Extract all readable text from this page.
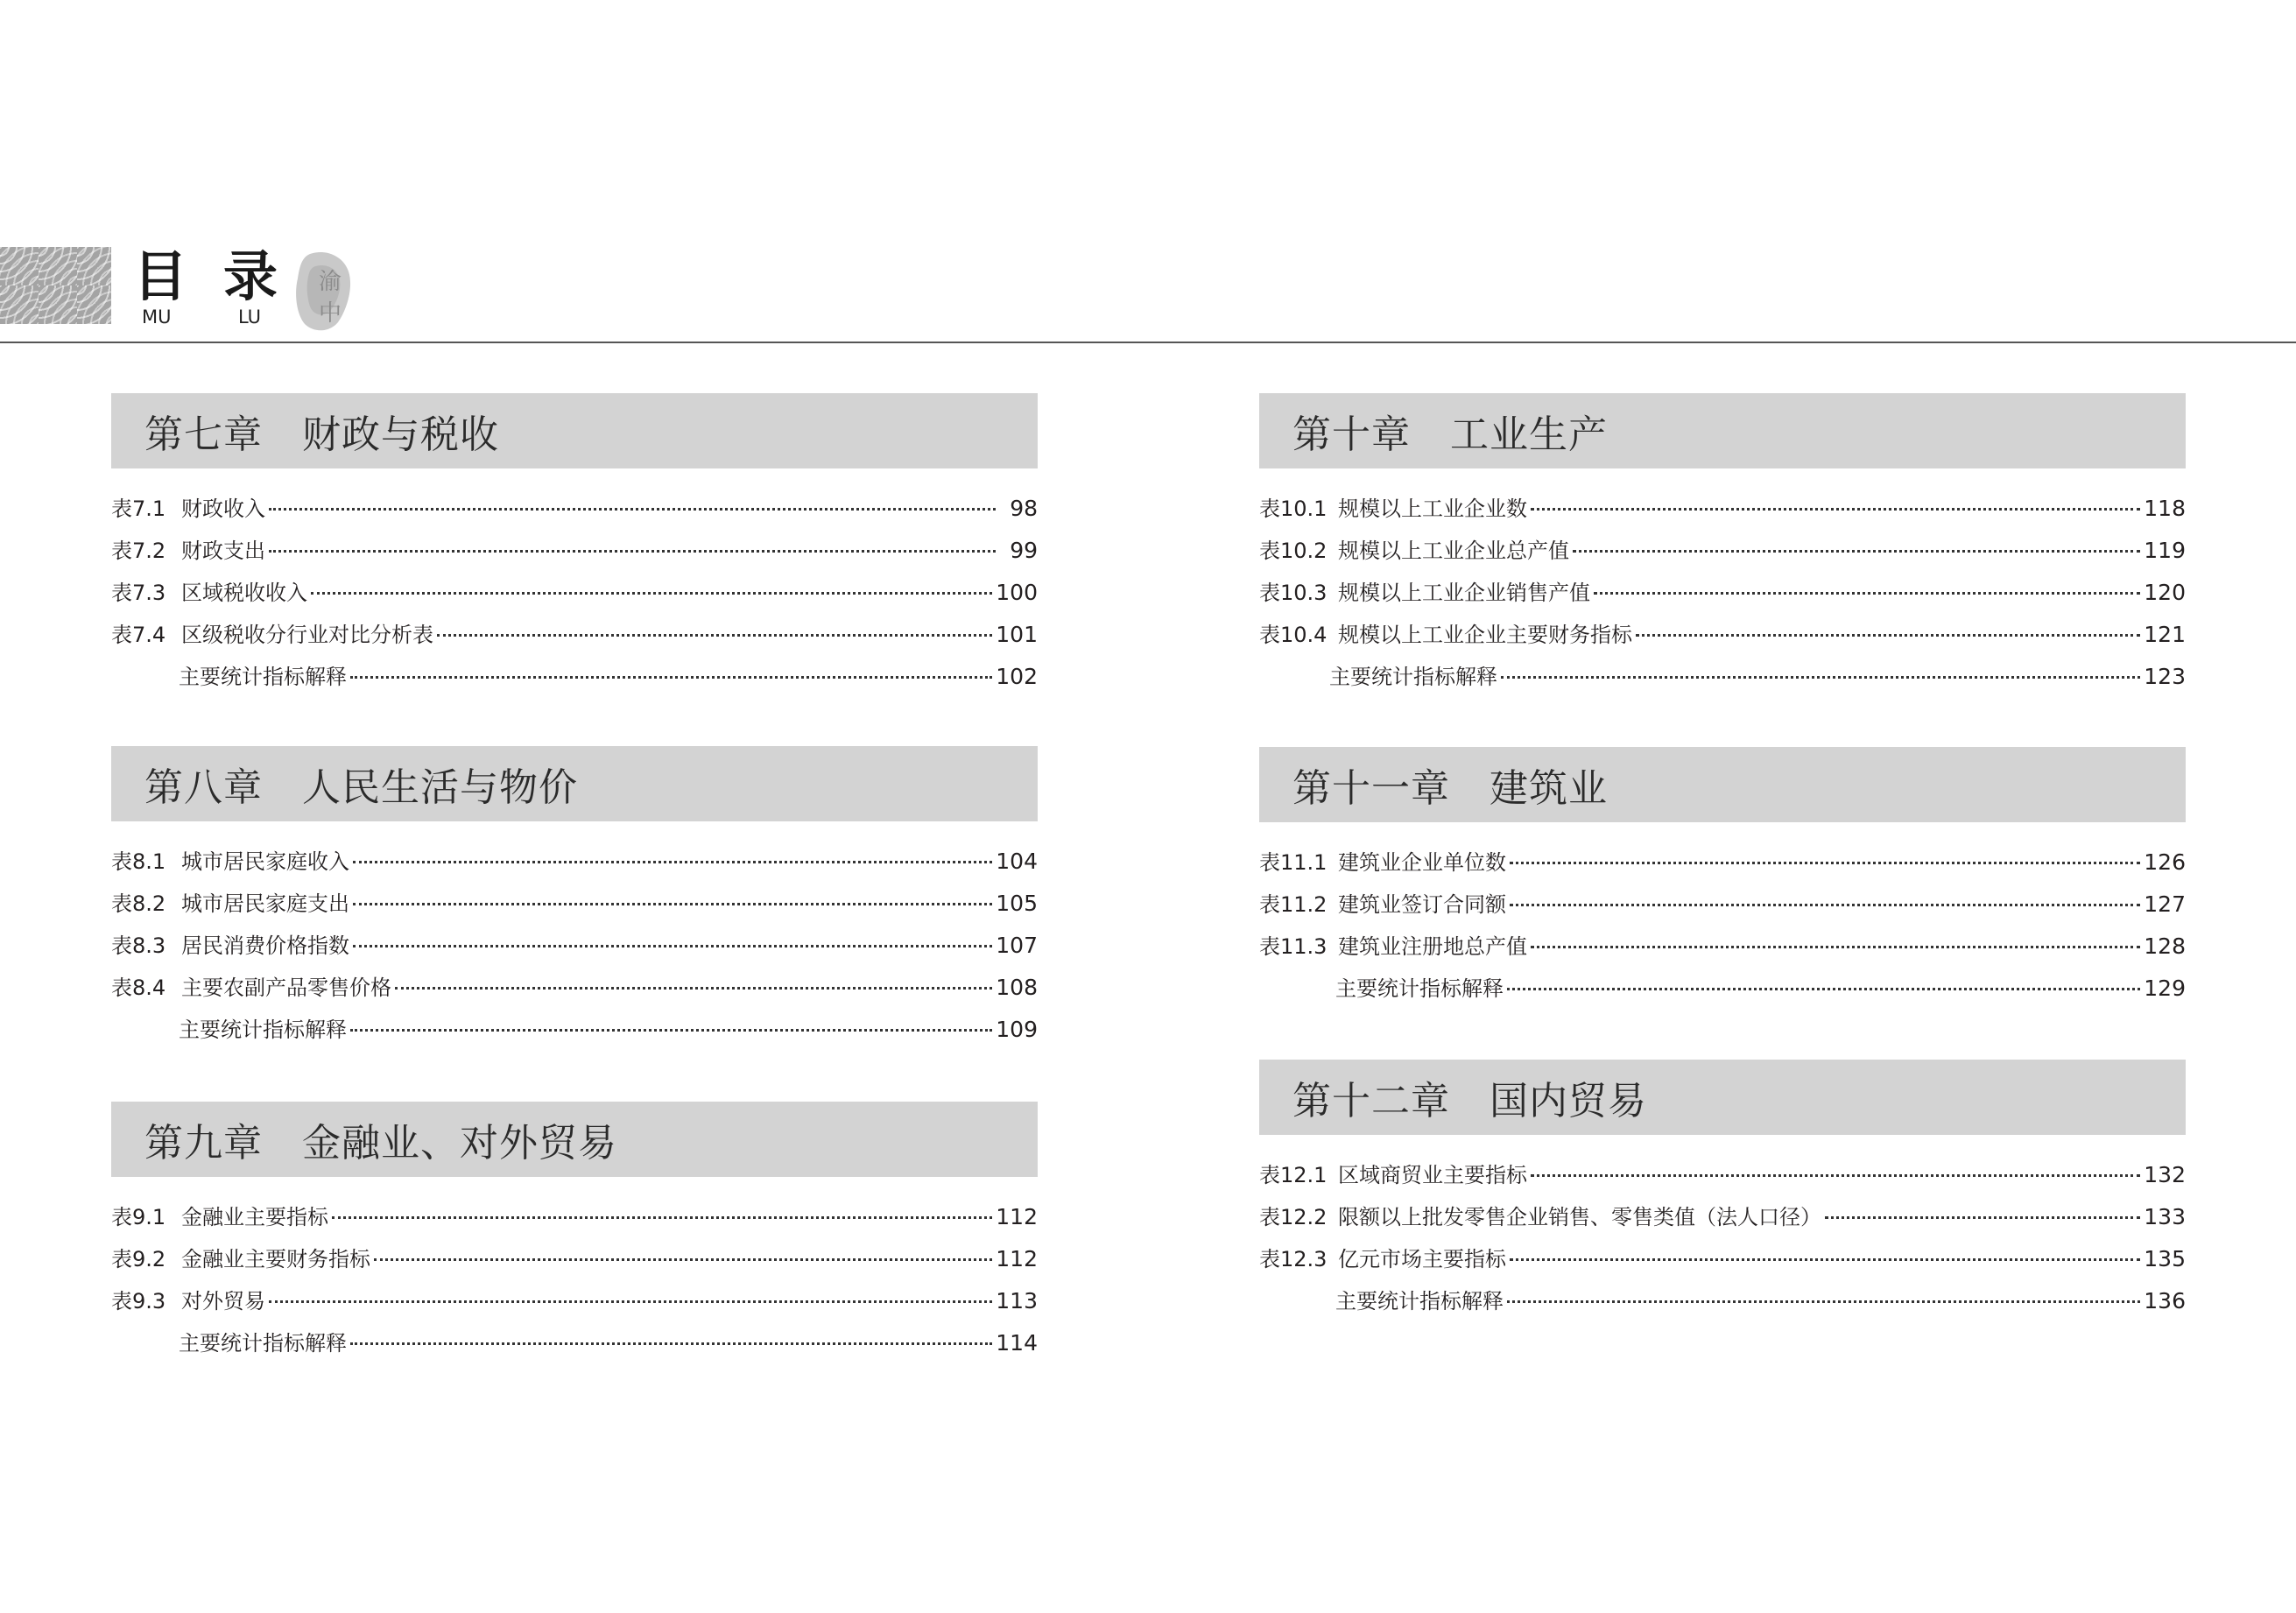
目 录
MU	LU
渝
中
第七章　财政与税收
表7.1 财政收入	98
表7.2 财政支出	99
表7.3 区域税收收入	100
表7.4 区级税收分行业对比分析表	101
主要统计指标解释	102
第八章　人民生活与物价
表8.1 城市居民家庭收入	104
表8.2 城市居民家庭支出	105
表8.3 居民消费价格指数	107
表8.4 主要农副产品零售价格	108
主要统计指标解释	109
第九章　金融业、对外贸易
表9.1 金融业主要指标	112
表9.2 金融业主要财务指标	112
表9.3 对外贸易	113
主要统计指标解释	114
第十章　工业生产
表10.1 规模以上工业企业数	118
表10.2 规模以上工业企业总产值	119
表10.3 规模以上工业企业销售产值	120
表10.4 规模以上工业企业主要财务指标	121
主要统计指标解释	123
第十一章　建筑业
表11.1 建筑业企业单位数	126
表11.2 建筑业签订合同额	127
表11.3 建筑业注册地总产值	128
主要统计指标解释	129
第十二章　国内贸易
表12.1 区域商贸业主要指标	132
表12.2 限额以上批发零售企业销售、零售类值（法人口径）	133
表12.3 亿元市场主要指标	135
主要统计指标解释	136
